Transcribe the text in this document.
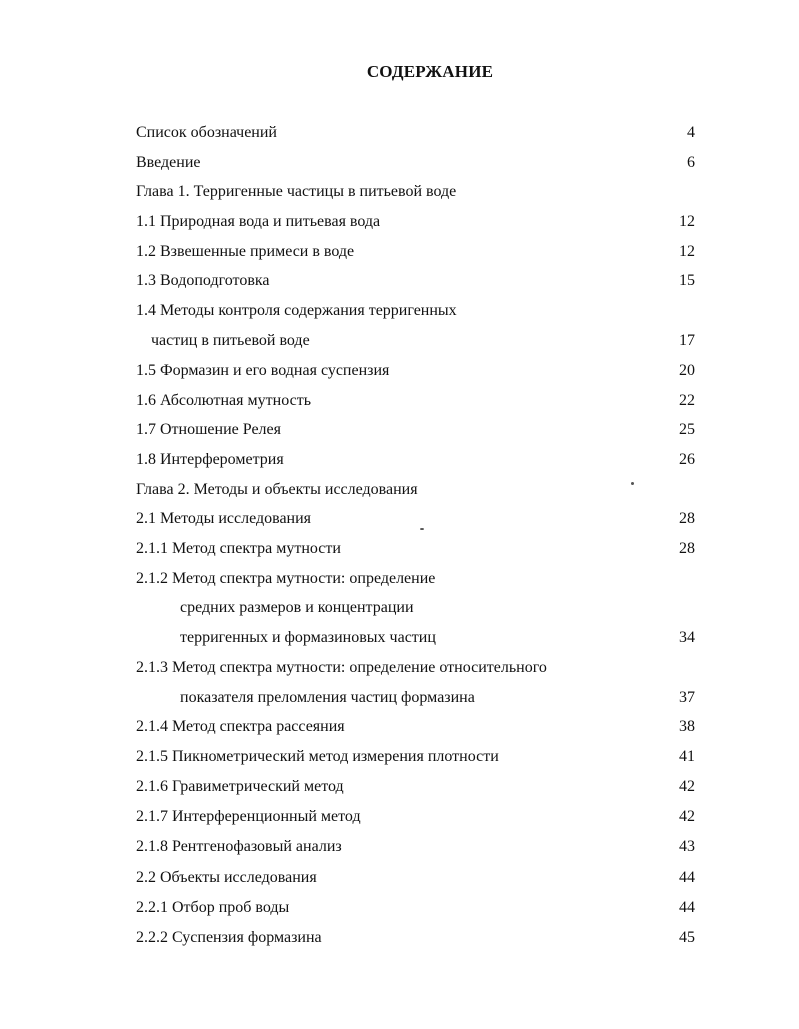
СОДЕРЖАНИЕ
Список обозначений	4
Введение	6
Глава 1. Терригенные частицы в питьевой воде
1.1 Природная вода и питьевая вода	12
1.2 Взвешенные примеси в воде	12
1.3 Водоподготовка	15
1.4 Методы контроля содержания терригенных
частиц в питьевой воде	17
1.5 Формазин и его водная суспензия	20
1.6 Абсолютная мутность	22
1.7 Отношение Релея	25
1.8 Интерферометрия	26
Глава 2. Методы и объекты исследования
2.1 Методы исследования	28
2.1.1 Метод спектра мутности	28
2.1.2 Метод спектра мутности: определение
средних размеров и концентрации
терригенных и формазиновых частиц	34
2.1.3 Метод спектра мутности: определение относительного
показателя преломления частиц формазина	37
2.1.4 Метод спектра рассеяния	38
2.1.5 Пикнометрический метод измерения плотности	41
2.1.6 Гравиметрический метод	42
2.1.7 Интерференционный метод	42
2.1.8 Рентгенофазовый анализ	43
2.2 Объекты исследования	44
2.2.1 Отбор проб воды	44
2.2.2 Суспензия формазина	45
